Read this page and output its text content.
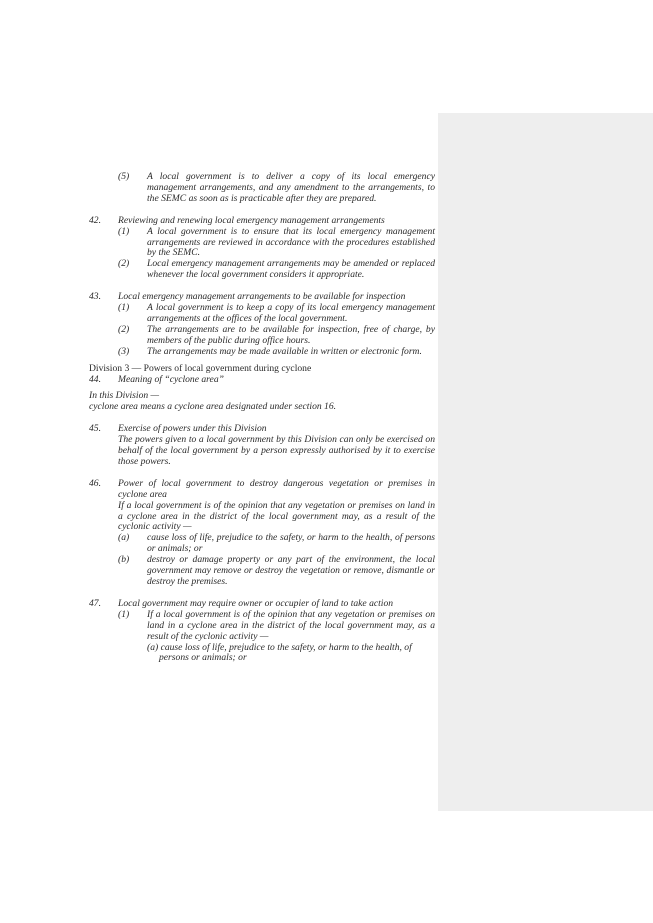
(5)	A local government is to deliver a copy of its local emergency management arrangements, and any amendment to the arrangements, to the SEMC as soon as is practicable after they are prepared.
42.	Reviewing and renewing local emergency management arrangements
(1)	A local government is to ensure that its local emergency management arrangements are reviewed in accordance with the procedures established by the SEMC.
(2)	Local emergency management arrangements may be amended or replaced whenever the local government considers it appropriate.
43.	Local emergency management arrangements to be available for inspection
(1)	A local government is to keep a copy of its local emergency management arrangements at the offices of the local government.
(2)	The arrangements are to be available for inspection, free of charge, by members of the public during office hours.
(3)	The arrangements may be made available in written or electronic form.
Division 3 — Powers of local government during cyclone
44.	Meaning of “cyclone area”
In this Division —
cyclone area means a cyclone area designated under section 16.
45.	Exercise of powers under this Division
The powers given to a local government by this Division can only be exercised on behalf of the local government by a person expressly authorised by it to exercise those powers.
46.	Power of local government to destroy dangerous vegetation or premises in cyclone area
If a local government is of the opinion that any vegetation or premises on land in a cyclone area in the district of the local government may, as a result of the cyclonic activity —
(a)	cause loss of life, prejudice to the safety, or harm to the health, of persons or animals; or
(b)	destroy or damage property or any part of the environment, the local government may remove or destroy the vegetation or remove, dismantle or destroy the premises.
47.	Local government may require owner or occupier of land to take action
(1)	If a local government is of the opinion that any vegetation or premises on land in a cyclone area in the district of the local government may, as a result of the cyclonic activity —
(a) cause loss of life, prejudice to the safety, or harm to the health, of persons or animals; or
